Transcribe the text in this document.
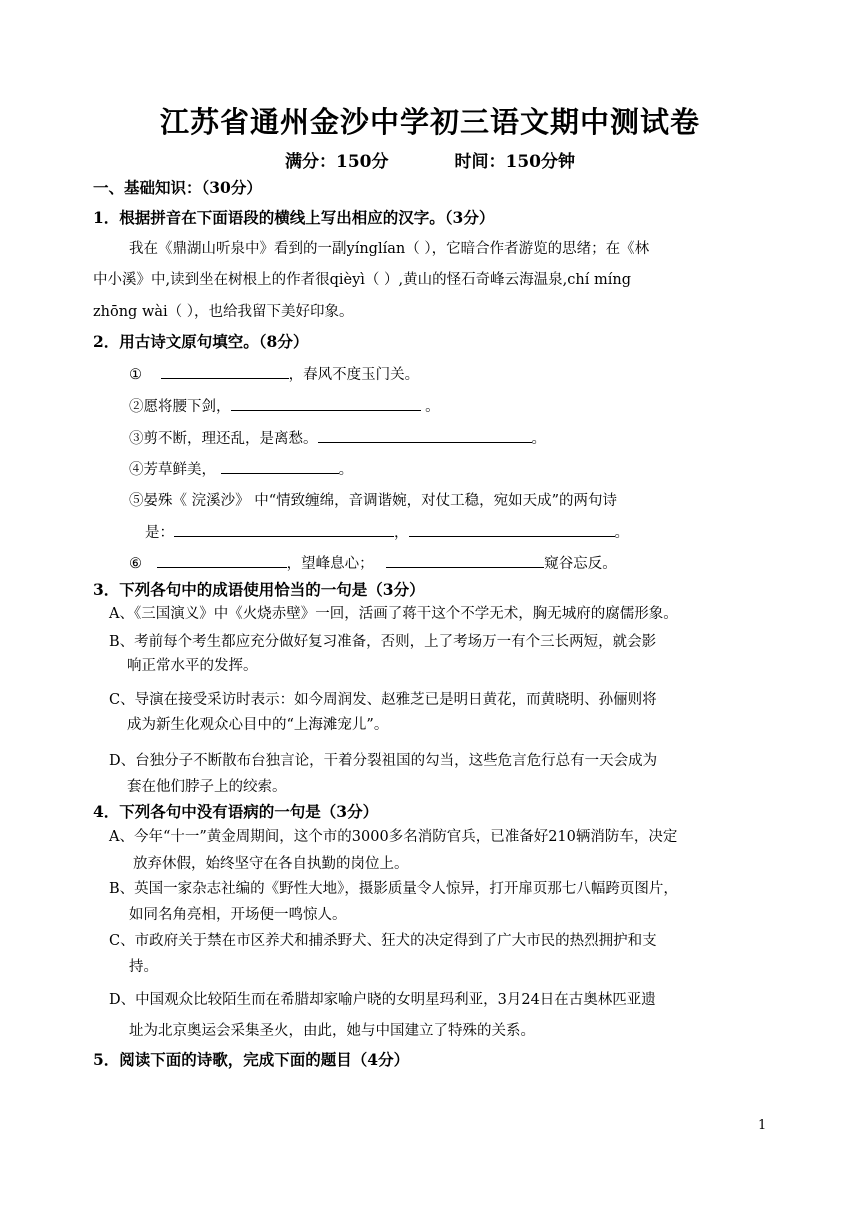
江苏省通州金沙中学初三语文期中测试卷
满分：150分	时间：150分钟
一、基础知识：（30分）
1．根据拼音在下面语段的横线上写出相应的汉字。（3分）
我在《鼎湖山听泉中》看到的一副yínglían（ ），它暗合作者游览的思绪；在《林
中小溪》中,读到坐在树根上的作者很qièyì（ ）,黄山的怪石奇峰云海温泉,chí míng
zhōng wài（ ），也给我留下美好印象。
2．用古诗文原句填空。（8分）
①	，春风不度玉门关。
②愿将腰下剑，	。
③剪不断，理还乱，是离愁。	。
④芳草鲜美，	。
⑤晏殊《 浣溪沙》 中“情致缠绵，音调谐婉，对仗工稳，宛如天成”的两句诗
是：	，	。
⑥	，望峰息心；	窥谷忘反。
3．下列各句中的成语使用恰当的一句是（3分）
A、《三国演义》中《火烧赤壁》一回，活画了蒋干这个不学无术，胸无城府的腐儒形象。
B、考前每个考生都应充分做好复习准备，否则，上了考场万一有个三长两短，就会影
响正常水平的发挥。
C、导演在接受采访时表示：如今周润发、赵雅芝已是明日黄花，而黄晓明、孙俪则将
成为新生化观众心目中的“上海滩宠儿”。
D、台独分子不断散布台独言论，干着分裂祖国的勾当，这些危言危行总有一天会成为
套在他们脖子上的绞索。
4．下列各句中没有语病的一句是（3分）
A、今年“十一”黄金周期间，这个市的3000多名消防官兵，已准备好210辆消防车，决定
放弃休假，始终坚守在各自执勤的岗位上。
B、英国一家杂志社编的《野性大地》，摄影质量令人惊异，打开扉页那七八幅跨页图片，
如同名角亮相，开场便一鸣惊人。
C、市政府关于禁在市区养犬和捕杀野犬、狂犬的决定得到了广大市民的热烈拥护和支
持。
D、中国观众比较陌生而在希腊却家喻户晓的女明星玛利亚，3月24日在古奥林匹亚遗
址为北京奥运会采集圣火，由此，她与中国建立了特殊的关系。
5．阅读下面的诗歌，完成下面的题目（4分）
1
